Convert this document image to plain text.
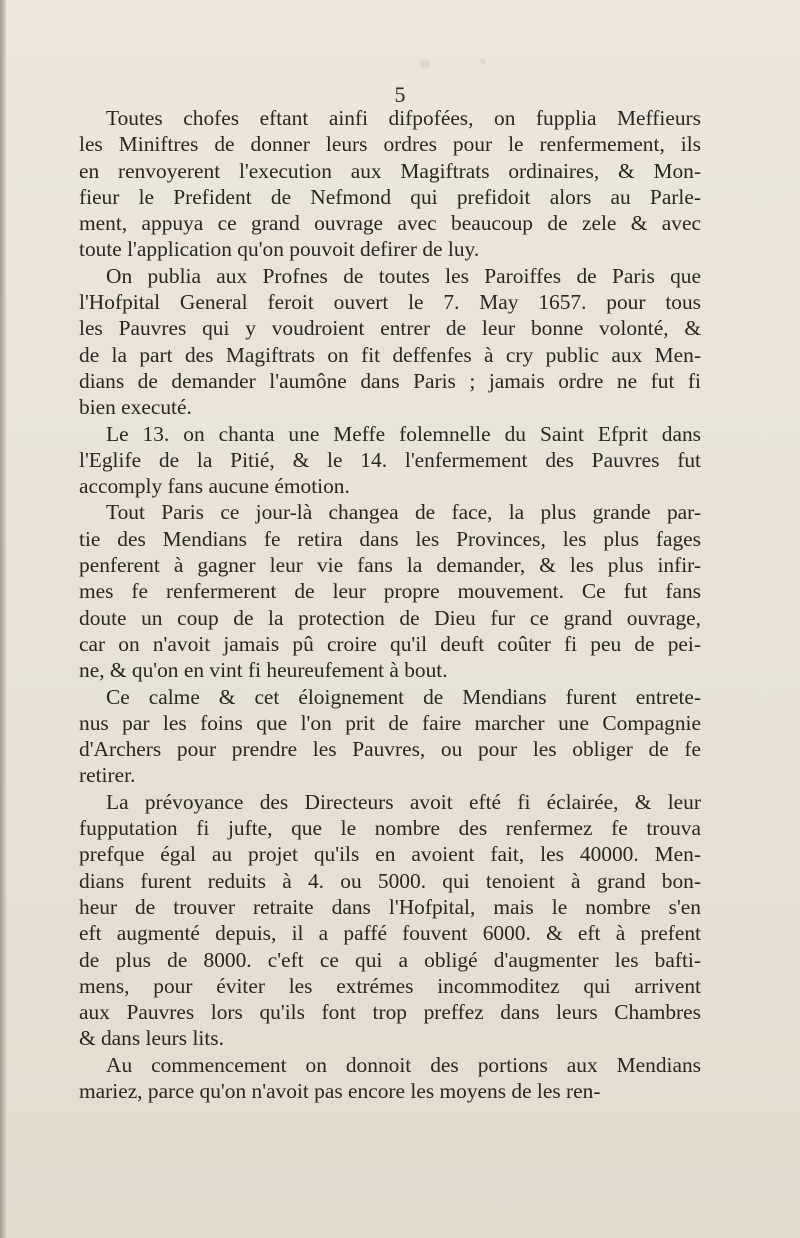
5
Toutes chofes eftant ainfi difpofées, on fupplia Meffieurs
les Miniftres de donner leurs ordres pour le renfermement, ils
en renvoyerent l'execution aux Magiftrats ordinaires, & Mon-
fieur le Prefident de Nefmond qui prefidoit alors au Parle-
ment, appuya ce grand ouvrage avec beaucoup de zele & avec
toute l'application qu'on pouvoit defirer de luy.
On publia aux Profnes de toutes les Paroiffes de Paris que
l'Hofpital General feroit ouvert le 7. May 1657. pour tous
les Pauvres qui y voudroient entrer de leur bonne volonté, &
de la part des Magiftrats on fit deffenfes à cry public aux Men-
dians de demander l'aumône dans Paris ; jamais ordre ne fut fi
bien executé.
Le 13. on chanta une Meffe folemnelle du Saint Efprit dans
l'Eglife de la Pitié, & le 14. l'enfermement des Pauvres fut
accomply fans aucune émotion.
Tout Paris ce jour-là changea de face, la plus grande par-
tie des Mendians fe retira dans les Provinces, les plus fages
penferent à gagner leur vie fans la demander, & les plus infir-
mes fe renfermerent de leur propre mouvement. Ce fut fans
doute un coup de la protection de Dieu fur ce grand ouvrage,
car on n'avoit jamais pû croire qu'il deuft coûter fi peu de pei-
ne, & qu'on en vint fi heureufement à bout.
Ce calme & cet éloignement de Mendians furent entrete-
nus par les foins que l'on prit de faire marcher une Compagnie
d'Archers pour prendre les Pauvres, ou pour les obliger de fe
retirer.
La prévoyance des Directeurs avoit efté fi éclairée, & leur
fupputation fi jufte, que le nombre des renfermez fe trouva
prefque égal au projet qu'ils en avoient fait, les 40000. Men-
dians furent reduits à 4. ou 5000. qui tenoient à grand bon-
heur de trouver retraite dans l'Hofpital, mais le nombre s'en
eft augmenté depuis, il a paffé fouvent 6000. & eft à prefent
de plus de 8000. c'eft ce qui a obligé d'augmenter les bafti-
mens, pour éviter les extrémes incommoditez qui arrivent
aux Pauvres lors qu'ils font trop preffez dans leurs Chambres
& dans leurs lits.
Au commencement on donnoit des portions aux Mendians
mariez, parce qu'on n'avoit pas encore les moyens de les ren-
